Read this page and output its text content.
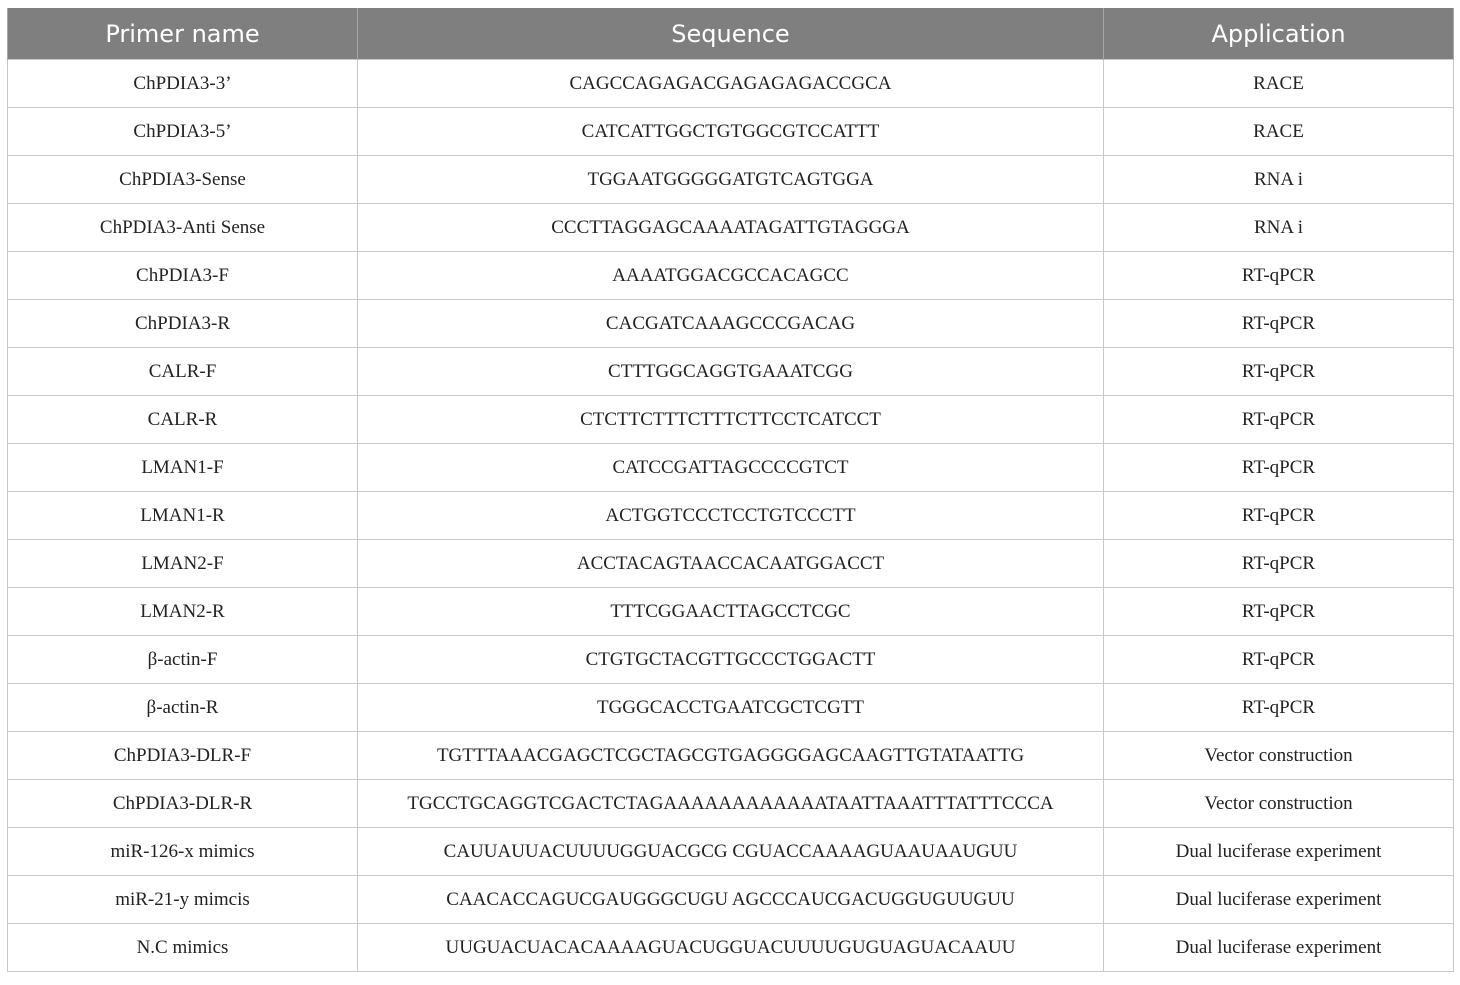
Primer name	Sequence	Application
ChPDIA3-3’	CAGCCAGAGACGAGAGAGACCGCA	RACE
ChPDIA3-5’	CATCATTGGCTGTGGCGTCCATTT	RACE
ChPDIA3-Sense	TGGAATGGGGGATGTCAGTGGA	RNA i
ChPDIA3-Anti Sense	CCCTTAGGAGCAAAATAGATTGTAGGGA	RNA i
ChPDIA3-F	AAAATGGACGCCACAGCC	RT-qPCR
ChPDIA3-R	CACGATCAAAGCCCGACAG	RT-qPCR
CALR-F	CTTTGGCAGGTGAAATCGG	RT-qPCR
CALR-R	CTCTTCTTTCTTTCTTCCTCATCCT	RT-qPCR
LMAN1-F	CATCCGATTAGCCCCGTCT	RT-qPCR
LMAN1-R	ACTGGTCCCTCCTGTCCCTT	RT-qPCR
LMAN2-F	ACCTACAGTAACCACAATGGACCT	RT-qPCR
LMAN2-R	TTTCGGAACTTAGCCTCGC	RT-qPCR
β-actin-F	CTGTGCTACGTTGCCCTGGACTT	RT-qPCR
β-actin-R	TGGGCACCTGAATCGCTCGTT	RT-qPCR
ChPDIA3-DLR-F	TGTTTAAACGAGCTCGCTAGCGTGAGGGGAGCAAGTTGTATAATTG	Vector construction
ChPDIA3-DLR-R	TGCCTGCAGGTCGACTCTAGAAAAAAAAAAAATAATTAAATTTATTTCCCA	Vector construction
miR-126-x mimics	CAUUAUUACUUUUGGUACGCG CGUACCAAAAGUAAUAAUGUU	Dual luciferase experiment
miR-21-y mimcis	CAACACCAGUCGAUGGGCUGU AGCCCAUCGACUGGUGUUGUU	Dual luciferase experiment
N.C mimics	UUGUACUACACAAAAGUACUGGUACUUUUGUGUAGUACAAUU	Dual luciferase experiment
